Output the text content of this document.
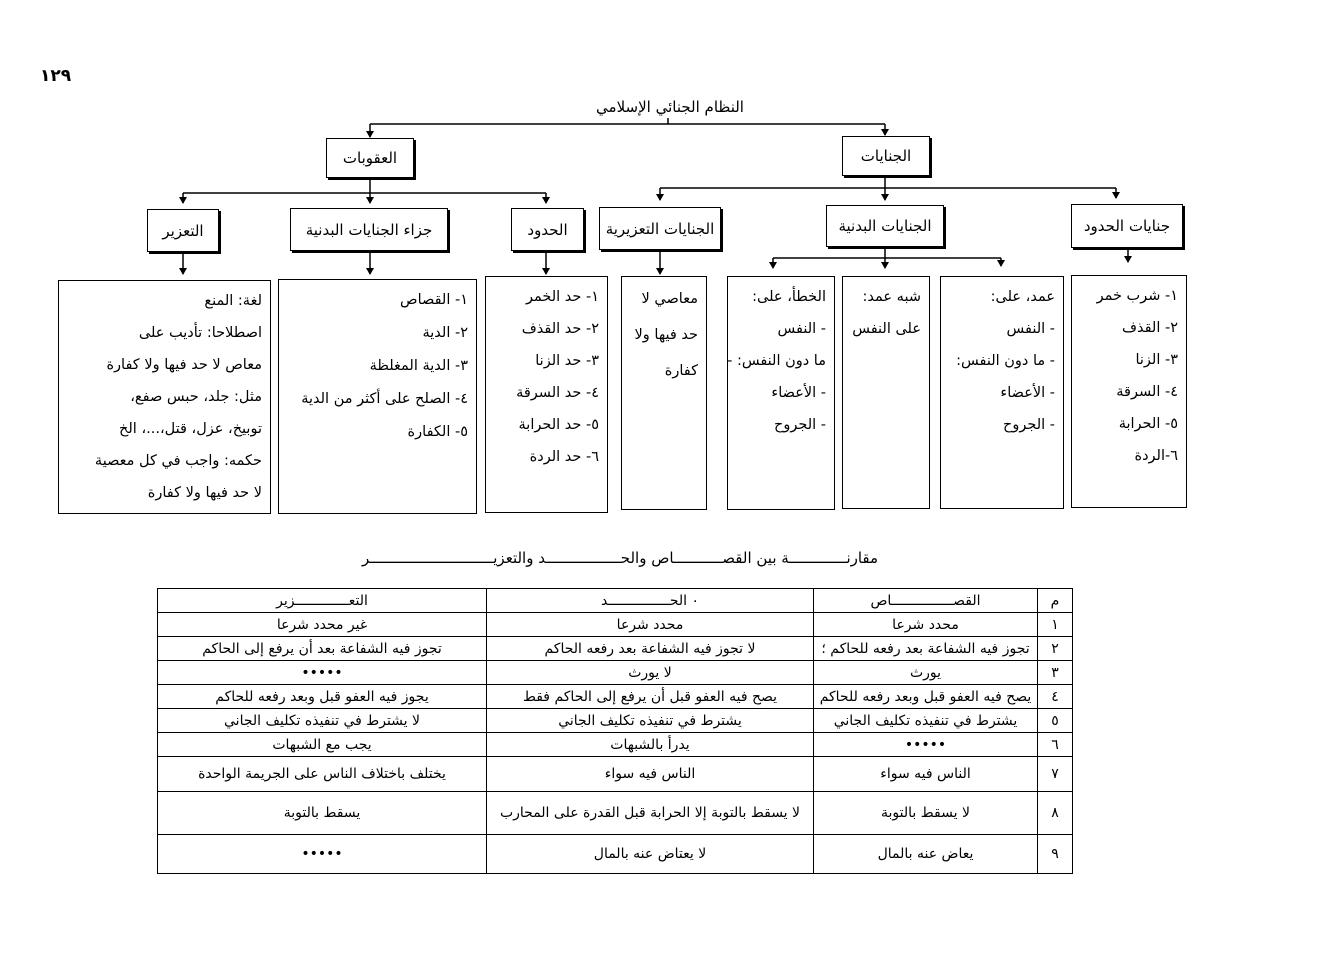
١٢٩
النظام الجنائي الإسلامي
العقوبات	الجنايات
جنايات الحدود
الجنايات البدنية
الجنايات التعزيرية
الحدود
جزاء الجنايات البدنية
التعزير
١- شرب خمر
٢- القذف
٣- الزنا
٤- السرقة
٥- الحرابة
٦-الردة
عمد، على:
- النفس
- ما دون النفس:
- الأعضاء
- الجروح
شبه عمد:
على النفس
الخطأ، على:
- النفس
ما دون النفس: -
- الأعضاء
- الجروح
معاصي لا
حد فيها ولا
كفارة
١- حد الخمر
٢- حد القذف
٣- حد الزنا
٤- حد السرقة
٥- حد الحرابة
٦- حد الردة
١- القصاص
٢- الدية
٣- الدية المغلظة
٤- الصلح على أكثر من الدية
٥- الكفارة
لغة: المنع
اصطلاحا: تأديب على
معاص لا حد فيها ولا كفارة
مثل: جلد، حبس صفع،
توبيخ، عزل، قتل،...، الخ
حكمه: واجب في كل معصية
لا حد فيها ولا كفارة
مقارنـــــــــــــة بين القصـــــــــــاص والحـــــــــــــــــد والتعزيــــــــــــــــــــــــــــر
م	القصـــــــــــــــاص	٠ الحـــــــــــــــد	التعـــــــــــــزير
١	محدد شرعا	محدد شرعا	غير محدد شرعا
٢	تجوز فيه الشفاعة بعد رفعه للحاكم ؛	لا تجوز فيه الشفاعة بعد رفعه الحاكم	تجوز فيه الشفاعة بعد أن يرفع إلى الحاكم
٣	يورث	لا يورث	•••••
٤	يصح فيه العفو قبل وبعد رفعه للحاكم	يصح فيه العفو قبل أن يرفع إلى الحاكم فقط	يجوز فيه العفو قبل وبعد رفعه للحاكم
٥	يشترط في تنفيذه تكليف الجاني	يشترط في تنفيذه تكليف الجاني	لا يشترط في تنفيذه تكليف الجاني
٦	•••••	يدرأ بالشبهات	يجب مع الشبهات
٧	الناس فيه سواء	الناس فيه سواء	يختلف باختلاف الناس على الجريمة الواحدة
٨	لا يسقط بالتوبة	لا يسقط بالتوبة إلا الحرابة قبل القدرة على المحارب	يسقط بالتوبة
٩	يعاض عنه بالمال	لا يعتاض عنه بالمال	•••••
